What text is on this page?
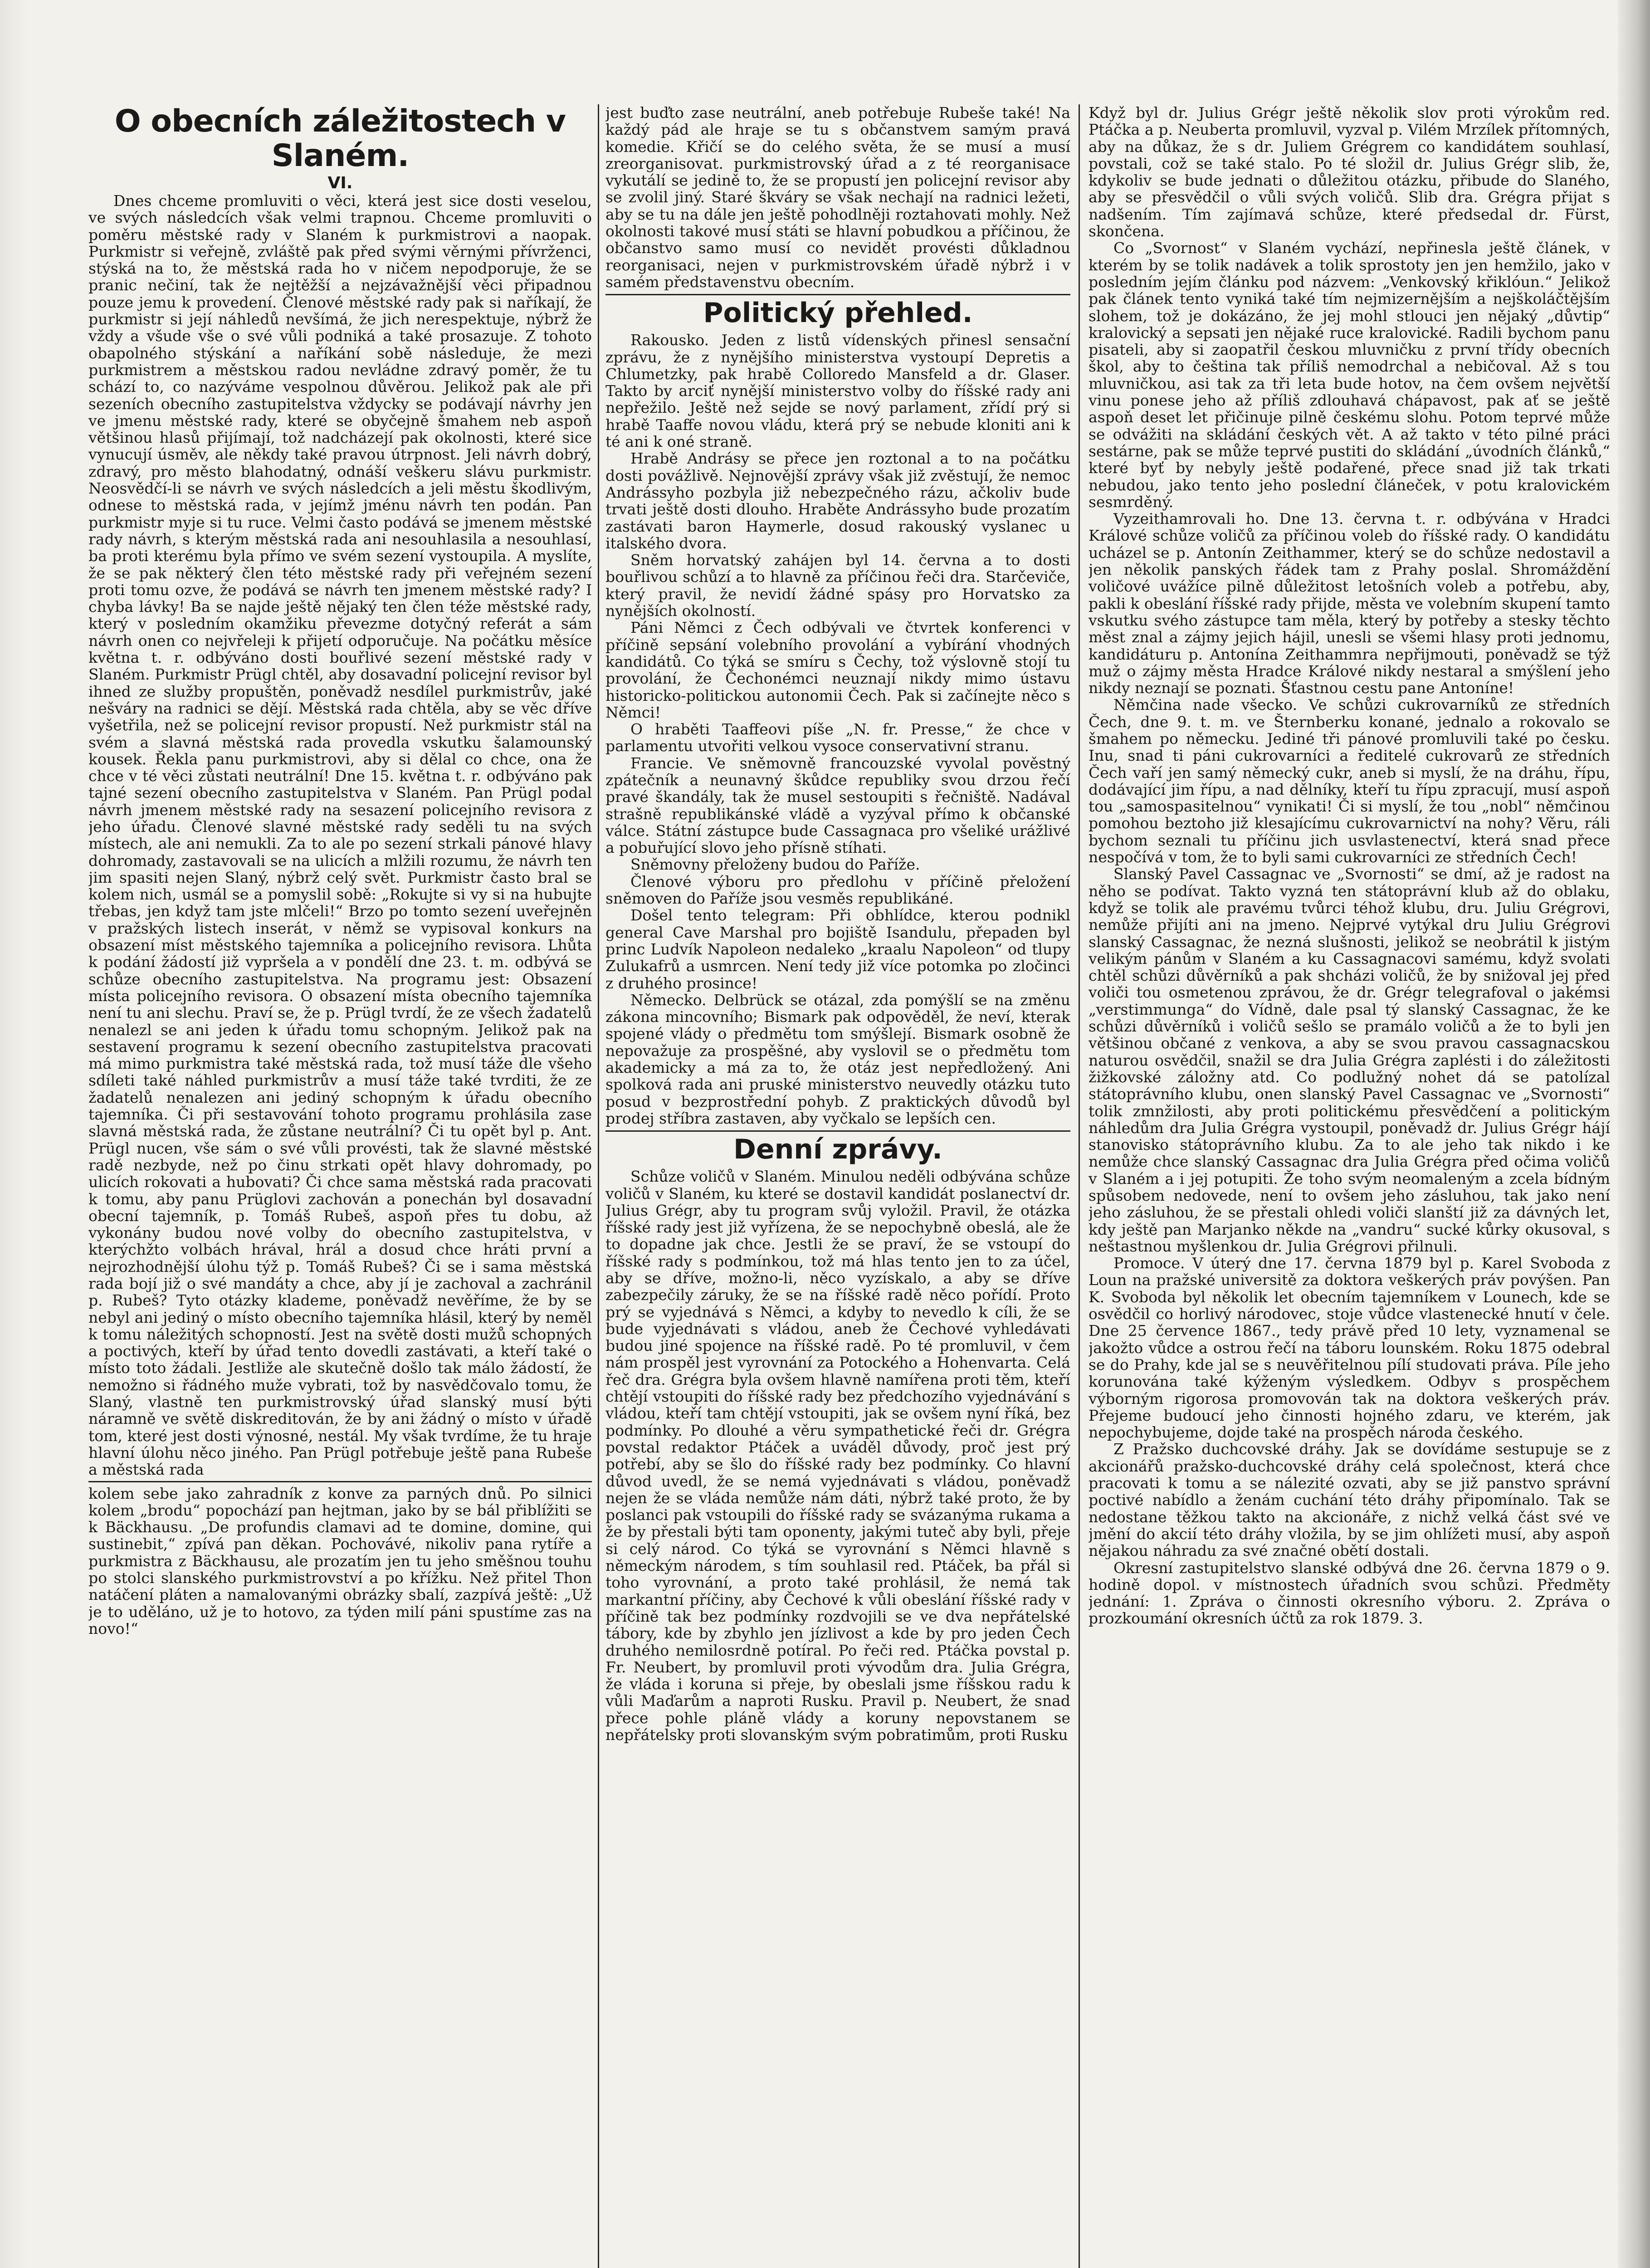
O obecních záležitostech v Slaném.
VI.

Dnes chceme promluviti o věci, která jest sice dosti veselou, ve svých následcích však velmi trapnou. Chceme promluviti o poměru městské rady v Slaném k purkmistrovi a naopak. Purkmistr si veřejně, zvláště pak před svými věrnými přívrženci, stýská na to, že městská rada ho v ničem nepodporuje, že se pranic nečiní, tak že nejtěžší a nejzávažnější věci připadnou pouze jemu k provedení. Členové městské rady pak si naříkají, že purkmistr si její náhledů nevšímá, že jich nerespektuje, nýbrž že vždy a všude vše o své vůli podniká a také prosazuje. Z tohoto obapolného stýskání a naříkání sobě následuje, že mezi purkmistrem a městskou radou nevládne zdravý poměr, že tu schází to, co nazýváme vespolnou důvěrou. Jelikož pak ale při sezeních obecního zastupitelstva vždycky se podávají návrhy jen ve jmenu městské rady, které se obyčejně šmahem neb aspoň většinou hlasů přijímají, tož nadcházejí pak okolnosti, které sice vynucují úsměv, ale někdy také pravou útrpnost. Jeli návrh dobrý, zdravý, pro město blahodatný, odnáší veškeru slávu purkmistr. Neosvědčí-li se návrh ve svých následcích a jeli městu škodlivým, odnese to městská rada, v jejímž jménu návrh ten podán. Pan purkmistr myje si tu ruce. Velmi často podává se jmenem městské rady návrh, s kterým městská rada ani nesouhlasila a nesouhlasí, ba proti kterému byla přímo ve svém sezení vystoupila. A myslíte, že se pak některý člen této městské rady při veřejném sezení proti tomu ozve, že podává se návrh ten jmenem městské rady? I chyba lávky! Ba se najde ještě nějaký ten člen téže městské rady, který v posledním okamžiku převezme dotyčný referát a sám návrh onen co nejvřeleji k přijetí odporučuje. Na počátku měsíce května t. r. odbýváno dosti bouřlivé sezení městské rady v Slaném. Purkmistr Prügl chtěl, aby dosavadní policejní revisor byl ihned ze služby propuštěn, poněvadž nesdílel purkmistrův, jaké nešváry na radnici se dějí. Městská rada chtěla, aby se věc dříve vyšetřila, než se policejní revisor propustí. Než purkmistr stál na svém a slavná městská rada provedla vskutku šalamounský kousek. Řekla panu purkmistrovi, aby si dělal co chce, ona že chce v té věci zůstati neutrální! Dne 15. května t. r. odbýváno pak tajné sezení obecního zastupitelstva v Slaném. Pan Prügl podal návrh jmenem městské rady na sesazení policejního revisora z jeho úřadu. Členové slavné městské rady seděli tu na svých místech, ale ani nemukli. Za to ale po sezení strkali pánové hlavy dohromady, zastavovali se na ulicích a mlžili rozumu, že návrh ten jim spasiti nejen Slaný, nýbrž celý svět. Purkmistr často bral se kolem nich, usmál se a pomyslil sobě: „Rokujte si vy si na hubujte třebas, jen když tam jste mlčeli!“ Brzo po tomto sezení uveřejněn v pražských listech inserát, v němž se vypisoval konkurs na obsazení míst městského tajemníka a policejního revisora. Lhůta k podání žádostí již vypršela a v pondělí dne 23. t. m. odbývá se schůze obecního zastupitelstva. Na programu jest: Obsazení místa policejního revisora. O obsazení místa obecního tajemníka není tu ani slechu. Praví se, že p. Prügl tvrdí, že ze všech žadatelů nenalezl se ani jeden k úřadu tomu schopným. Jelikož pak na sestavení programu k sezení obecního zastupitelstva pracovati má mimo purkmistra také městská rada, tož musí táže dle všeho sdíleti také náhled purkmistrův a musí táže také tvrditi, že ze žadatelů nenalezen ani jediný schopným k úřadu obecního tajemníka. Či při sestavování tohoto programu prohlásila zase slavná městská rada, že zůstane neutrální? Či tu opět byl p. Ant. Prügl nucen, vše sám o své vůli provésti, tak že slavné městské radě nezbyde, než po činu strkati opět hlavy dohromady, po ulicích rokovati a hubovati? Či chce sama městská rada pracovati k tomu, aby panu Prüglovi zachován a ponechán byl dosavadní obecní tajemník, p. Tomáš Rubeš, aspoň přes tu dobu, až vykonány budou nové volby do obecního zastupitelstva, v kterýchžto volbách hrával, hrál a dosud chce hráti první a nejrozhodnější úlohu týž p. Tomáš Rubeš? Či se i sama městská rada bojí již o své mandáty a chce, aby jí je zachoval a zachránil p. Rubeš? Tyto otázky klademe, poněvadž nevěříme, že by se nebyl ani jediný o místo obecního tajemníka hlásil, který by neměl k tomu náležitých schopností. Jest na světě dosti mužů schopných a poctivých, kteří by úřad tento dovedli zastávati, a kteří také o místo toto žádali. Jestliže ale skutečně došlo tak málo žádostí, že nemožno si řádného muže vybrati, tož by nasvědčovalo tomu, že Slaný, vlastně ten purkmistrovský úřad slanský musí býti náramně ve světě diskreditován, že by ani žádný o místo v úřadě tom, které jest dosti výnosné, nestál. My však tvrdíme, že tu hraje hlavní úlohu něco jiného. Pan Prügl potřebuje ještě pana Rubeše a městská rada

kolem sebe jako zahradník z konve za parných dnů. Po silnici kolem „brodu“ popochází pan hejtman, jako by se bál přiblížiti se k Bäckhausu. „De profundis clamavi ad te domine, domine, qui sustinebit,“ zpívá pan děkan. Pochovávé, nikoliv pana rytíře a purkmistra z Bäckhausu, ale prozatím jen tu jeho směšnou touhu po stolci slanského purkmistrovství a po křížku. Než přitel Thon natáčení pláten a namalovanými obrázky sbalí, zazpívá ještě: „Už je to uděláno, už je to hotovo, za týden milí páni spustíme zas na novo!“

jest buďto zase neutrální, aneb potřebuje Rubeše také! Na každý pád ale hraje se tu s občanstvem samým pravá komedie. Křičí se do celého světa, že se musí a musí zreorganisovat. purkmistrovský úřad a z té reorganisace vykutálí se jedině to, že se propustí jen policejní revisor aby se zvolil jiný. Staré škváry se však nechají na radnici ležeti, aby se tu na dále jen ještě pohodlněji roztahovati mohly. Než okolnosti takové musí státi se hlavní pobudkou a příčinou, že občanstvo samo musí co nevidět provésti důkladnou reorganisaci, nejen v purkmistrovském úřadě nýbrž i v samém představenstvu obecním.

Politický přehled.

Rakousko. Jeden z listů vídenských přinesl sensační zprávu, že z nynějšího ministerstva vystoupí Depretis a Chlumetzky, pak hrabě Colloredo Mansfeld a dr. Glaser. Takto by arciť nynější ministerstvo volby do říšské rady ani nepřežilo. Ještě než sejde se nový parlament, zřídí prý si hrabě Taaffe novou vládu, která prý se nebude kloniti ani k té ani k oné straně.

Hrabě Andrásy se přece jen roztonal a to na počátku dosti povážlivě. Nejnovější zprávy však již zvěstují, že nemoc Andrássyho pozbyla již nebezpečného rázu, ačkoliv bude trvati ještě dosti dlouho. Hraběte Andrássyho bude prozatím zastávati baron Haymerle, dosud rakouský vyslanec u italského dvora.

Sněm horvatský zahájen byl 14. června a to dosti bouřlivou schůzí a to hlavně za příčinou řeči dra. Starčeviče, který pravil, že nevidí žádné spásy pro Horvatsko za nynějších okolností.

Páni Němci z Čech odbývali ve čtvrtek konferenci v příčině sepsání volebního provolání a vybírání vhodných kandidátů. Co týká se smíru s Čechy, tož výslovně stojí tu provolání, že Čechonémci neuznají nikdy mimo ústavu historicko-politickou autonomii Čech. Pak si začínejte něco s Němci!

O hraběti Taaffeovi píše „N. fr. Presse,“ že chce v parlamentu utvořiti velkou vysoce conservativní stranu.

Francie. Ve sněmovně francouzské vyvolal pověstný zpátečník a neunavný škůdce republiky svou drzou řečí pravé škandály, tak že musel sestoupiti s řečniště. Nadával strašně republikánské vládě a vyzýval přímo k občanské válce. Státní zástupce bude Cassagnaca pro všeliké urážlivé a pobuřující slovo jeho přísně stíhati.

Sněmovny přeloženy budou do Paříže.

Členové výboru pro předlohu v příčině přeložení sněmoven do Paříže jsou vesměs republikáné.

Došel tento telegram: Při obhlídce, kterou podnikl general Cave Marshal pro bojiště Isandulu, přepaden byl princ Ludvík Napoleon nedaleko „kraalu Napoleon“ od tlupy Zulukafrů a usmrcen. Není tedy již více potomka po zločinci z druhého prosince!

Německo. Delbrück se otázal, zda pomýšlí se na změnu zákona mincovního; Bismark pak odpověděl, že neví, kterak spojené vlády o předmětu tom smýšlejí. Bismark osobně že nepovažuje za prospěšné, aby vyslovil se o předmětu tom akademicky a má za to, že otáz jest nepředložený. Ani spolková rada ani pruské ministerstvo neuvedly otázku tuto posud v bezprostřední pohyb. Z praktických důvodů byl prodej stříbra zastaven, aby vyčkalo se lepších cen.

Denní zprávy.

Schůze voličů v Slaném. Minulou neděli odbývána schůze voličů v Slaném, ku které se dostavil kandidát poslanectví dr. Julius Grégr, aby tu program svůj vyložil. Pravil, že otázka říšské rady jest již vyřízena, že se nepochybně obeslá, ale že to dopadne jak chce. Jestli že se praví, že se vstoupí do říšské rady s podmínkou, tož má hlas tento jen to za účel, aby se dříve, možno-li, něco vyzískalo, a aby se dříve zabezpečily záruky, že se na říšské radě něco pořídí. Proto prý se vyjednává s Němci, a kdyby to nevedlo k cíli, že se bude vyjednávati s vládou, aneb že Čechové vyhledávati budou jiné spojence na říšské radě. Po té promluvil, v čem nám prospěl jest vyrovnání za Potockého a Hohenvarta. Celá řeč dra. Grégra byla ovšem hlavně namířena proti těm, kteří chtějí vstoupiti do říšské rady bez předchozího vyjednávání s vládou, kteří tam chtějí vstoupiti, jak se ovšem nyní říká, bez podmínky. Po dlouhé a věru sympathetické řeči dr. Grégra povstal redaktor Ptáček a uváděl důvody, proč jest prý potřebí, aby se šlo do říšské rady bez podmínky. Co hlavní důvod uvedl, že se nemá vyjednávati s vládou, poněvadž nejen že se vláda nemůže nám dáti, nýbrž také proto, že by poslanci pak vstoupili do říšské rady se svázanýma rukama a že by přestali býti tam oponenty, jakými tuteč aby byli, přeje si celý národ. Co týká se vyrovnání s Němci hlavně s německým národem, s tím souhlasil red. Ptáček, ba přál si toho vyrovnání, a proto také prohlásil, že nemá tak markantní příčiny, aby Čechové k vůli obeslání říšské rady v příčině tak bez podmínky rozdvojili se ve dva nepřátelské tábory, kde by zbyhlo jen jízlivost a kde by pro jeden Čech druhého nemilosrdně potíral. Po řeči red. Ptáčka povstal p. Fr. Neubert, by promluvil proti vývodům dra. Julia Grégra, že vláda i koruna si přeje, by obeslali jsme říšskou radu k vůli Maďarům a naproti Rusku. Pravil p. Neubert, že snad přece pohle pláně vlády a koruny nepovstanem se nepřátelsky proti slovanským svým pobratimům, proti Rusku

Když byl dr. Julius Grégr ještě několik slov proti výrokům red. Ptáčka a p. Neuberta promluvil, vyzval p. Vilém Mrzílek přítomných, aby na důkaz, že s dr. Juliem Grégrem co kandidátem souhlasí, povstali, což se také stalo. Po té složil dr. Julius Grégr slib, že, kdykoliv se bude jednati o důležitou otázku, přibude do Slaného, aby se přesvědčil o vůli svých voličů. Slib dra. Grégra přijat s nadšením. Tím zajímavá schůze, které předsedal dr. Fürst, skončena.

Co „Svornost“ v Slaném vychází, nepřinesla ještě článek, v kterém by se tolik nadávek a tolik sprostoty jen jen hemžilo, jako v posledním jejím článku pod názvem: „Venkovský křiklóun.“ Jelikož pak článek tento vyniká také tím nejmizernějším a nejškoláčtějším slohem, tož je dokázáno, že jej mohl stlouci jen nějaký „důvtip“ kralovický a sepsati jen nějaké ruce kralovické. Radili bychom panu pisateli, aby si zaopatřil českou mluvničku z první třídy obecních škol, aby to čeština tak příliš nemodrchal a nebičoval. Až s tou mluvničkou, asi tak za tři leta bude hotov, na čem ovšem největší vinu ponese jeho až příliš zdlouhavá chápavost, pak ať se ještě aspoň deset let přičinuje pilně českému slohu. Potom teprvé může se odvážiti na skládání českých vět. A až takto v této pilné práci sestárne, pak se může teprvé pustiti do skládání „úvodních článků,“ které byť by nebyly ještě podařené, přece snad již tak trkati nebudou, jako tento jeho poslední článeček, v potu kralovickém sesmrděný.

Vyzeithamrovali ho. Dne 13. června t. r. odbývána v Hradci Králové schůze voličů za příčinou voleb do říšské rady. O kandidátu ucházel se p. Antonín Zeithammer, který se do schůze nedostavil a jen několik panských řádek tam z Prahy poslal. Shromáždění voličové uvážíce pilně důležitost letošních voleb a potřebu, aby, pakli k obeslání říšské rady přijde, města ve volebním skupení tamto vskutku svého zástupce tam měla, který by potřeby a stesky těchto měst znal a zájmy jejich hájil, unesli se všemi hlasy proti jednomu, kandidáturu p. Antonína Zeithammra nepřijmouti, poněvadž se týž muž o zájmy města Hradce Králové nikdy nestaral a smýšlení jeho nikdy neznají se poznati. Šťastnou cestu pane Antoníne!

Němčina nade všecko. Ve schůzi cukrovarníků ze středních Čech, dne 9. t. m. ve Šternberku konané, jednalo a rokovalo se šmahem po německu. Jediné tři pánové promluvili také po česku. Inu, snad ti páni cukrovarníci a ředitelé cukrovarů ze středních Čech vaří jen samý německý cukr, aneb si myslí, že na dráhu, řípu, dodávající jim řípu, a nad dělníky, kteří tu řípu zpracují, musí aspoň tou „samospasitelnou“ vynikati! Či si myslí, že tou „nobl“ němčinou pomohou beztoho již klesajícímu cukrovarnictví na nohy? Věru, ráli bychom seznali tu příčinu jich usvlastenectví, která snad přece nespočívá v tom, že to byli sami cukrovarníci ze středních Čech!

Slanský Pavel Cassagnac ve „Svornosti“ se dmí, až je radost na něho se podívat. Takto vyzná ten státoprávní klub až do oblaku, když se tolik ale pravému tvůrci téhož klubu, dru. Juliu Grégrovi, nemůže přijíti ani na jmeno. Nejprvé vytýkal dru Juliu Grégrovi slanský Cassagnac, že nezná slušnosti, jelikož se neobrátil k jistým velikým pánům v Slaném a ku Cassagnacovi samému, když svolati chtěl schůzi důvěrníků a pak shcházi voličů, že by snižoval jej před voliči tou osmetenou zprávou, že dr. Grégr telegrafoval o jakémsi „verstimmunga“ do Vídně, dale psal tý slanský Cassagnac, že ke schůzi důvěrníků i voličů sešlo se pramálo voličů a že to byli jen většinou občané z venkova, a aby se svou pravou cassagnacskou naturou osvědčil, snažil se dra Julia Grégra zaplésti i do záležitosti žižkovské záložny atd. Co podlužný nohet dá se patolízal státoprávního klubu, onen slanský Pavel Cassagnac ve „Svornosti“ tolik zmnžilosti, aby proti politickému přesvědčení a politickým náhledům dra Julia Grégra vystoupil, poněvadž dr. Julius Grégr hájí stanovisko státoprávního klubu. Za to ale jeho tak nikdo i ke nemůže chce slanský Cassagnac dra Julia Grégra před očima voličů v Slaném a i jej potupiti. Že toho svým neomaleným a zcela bídným spůsobem nedovede, není to ovšem jeho zásluhou, tak jako není jeho zásluhou, že se přestali ohledi voliči slanští již za dávných let, kdy ještě pan Marjanko někde na „vandru“ sucké kůrky okusoval, s neštastnou myšlenkou dr. Julia Grégrovi přilnuli.

Promoce. V úterý dne 17. června 1879 byl p. Karel Svoboda z Loun na pražské universitě za doktora veškerých práv povýšen. Pan K. Svoboda byl několik let obecním tajemníkem v Lounech, kde se osvědčil co horlivý národovec, stoje vůdce vlastenecké hnutí v čele. Dne 25 července 1867., tedy právě před 10 lety, vyznamenal se jakožto vůdce a ostrou řečí na táboru lounském. Roku 1875 odebral se do Prahy, kde jal se s neuvěřitelnou pílí studovati práva. Píle jeho korunována také kýženým výsledkem. Odbyv s prospěchem výborným rigorosa promovován tak na doktora veškerých práv. Přejeme budoucí jeho činnosti hojného zdaru, ve kterém, jak nepochybujeme, dojde také na prospěch národa českého.

Z Pražsko duchcovské dráhy. Jak se dovídáme sestupuje se z akcionářů pražsko-duchcovské dráhy celá společnost, která chce pracovati k tomu a se nálezité ozvati, aby se již panstvo správní poctivé nabídlo a ženám cuchání této dráhy připomínalo. Tak se nedostane těžkou takto na akcionáře, z nichž velká část své ve jmění do akcií této dráhy vložila, by se jim ohlížeti musí, aby aspoň nějakou náhradu za své značné obětí dostali.

Okresní zastupitelstvo slanské odbývá dne 26. června 1879 o 9. hodině dopol. v místnostech úřadních svou schůzi. Předměty jednání: 1. Zpráva o činnosti okresního výboru. 2. Zpráva o prozkoumání okresních účtů za rok 1879. 3.
